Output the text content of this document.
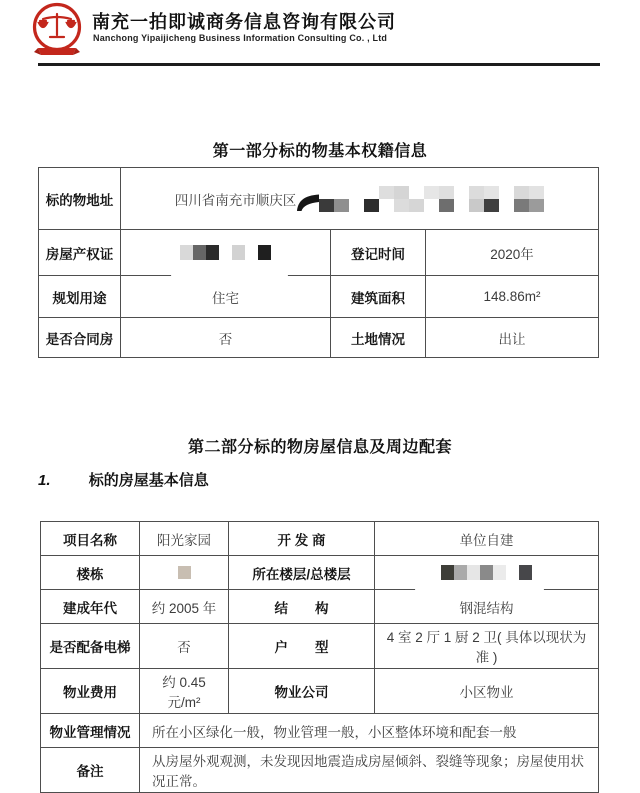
南充一拍即诚商务信息咨询有限公司
Nanchong Yipaijicheng Business Information Consulting Co. , Ltd
第一部分标的物基本权籍信息
标的物地址	四川省南充市顺庆区		

房屋产权证		登记时间	2020年
规划用途	住宅	建筑面积	148.86m²
是否合同房	否	土地情况	出让
第二部分标的物房屋信息及周边配套
1.	标的房屋基本信息
项目名称	阳光家园	开 发 商	单位自建
楼栋		所在楼层/总楼层	

建成年代	约 2005 年	结　　构	钢混结构
是否配备电梯	否	户　　型	4 室 2 厅 1 厨 2 卫( 具体以现状为准 )
物业费用	约 0.45 元/m²	物业公司	小区物业
物业管理情况	所在小区绿化一般，物业管理一般，小区整体环境和配套一般		
备注	从房屋外观观测，未发现因地震造成房屋倾斜、裂缝等现象；房屋使用状况正常。		
